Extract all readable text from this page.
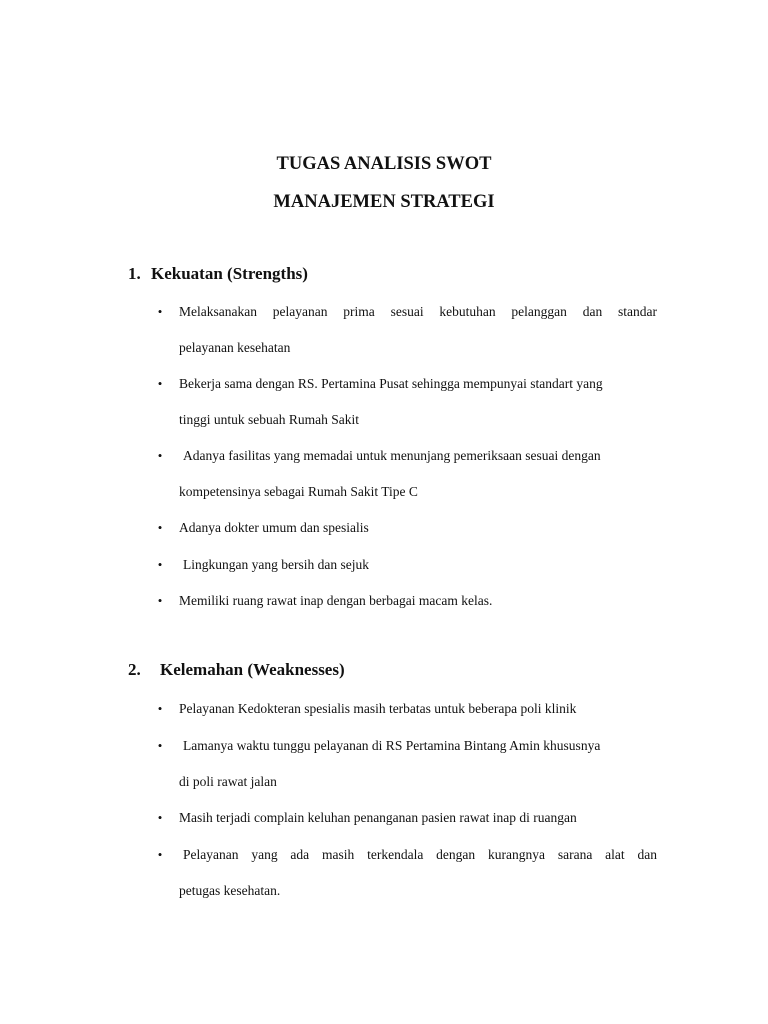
TUGAS ANALISIS SWOT
MANAJEMEN STRATEGI
1. Kekuatan (Strengths)
• Melaksanakan pelayanan prima sesuai kebutuhan pelanggan dan standar
pelayanan kesehatan
• Bekerja sama dengan RS. Pertamina Pusat sehingga mempunyai standart yang
tinggi untuk sebuah Rumah Sakit
• Adanya fasilitas yang memadai untuk menunjang pemeriksaan sesuai dengan
kompetensinya sebagai Rumah Sakit Tipe C
• Adanya dokter umum dan spesialis
• Lingkungan yang bersih dan sejuk
• Memiliki ruang rawat inap dengan berbagai macam kelas.
2. Kelemahan (Weaknesses)
• Pelayanan Kedokteran spesialis masih terbatas untuk beberapa poli klinik
• Lamanya waktu tunggu pelayanan di RS Pertamina Bintang Amin khususnya
di poli rawat jalan
• Masih terjadi complain keluhan penanganan pasien rawat inap di ruangan
• Pelayanan yang ada masih terkendala dengan kurangnya sarana alat dan
petugas kesehatan.
